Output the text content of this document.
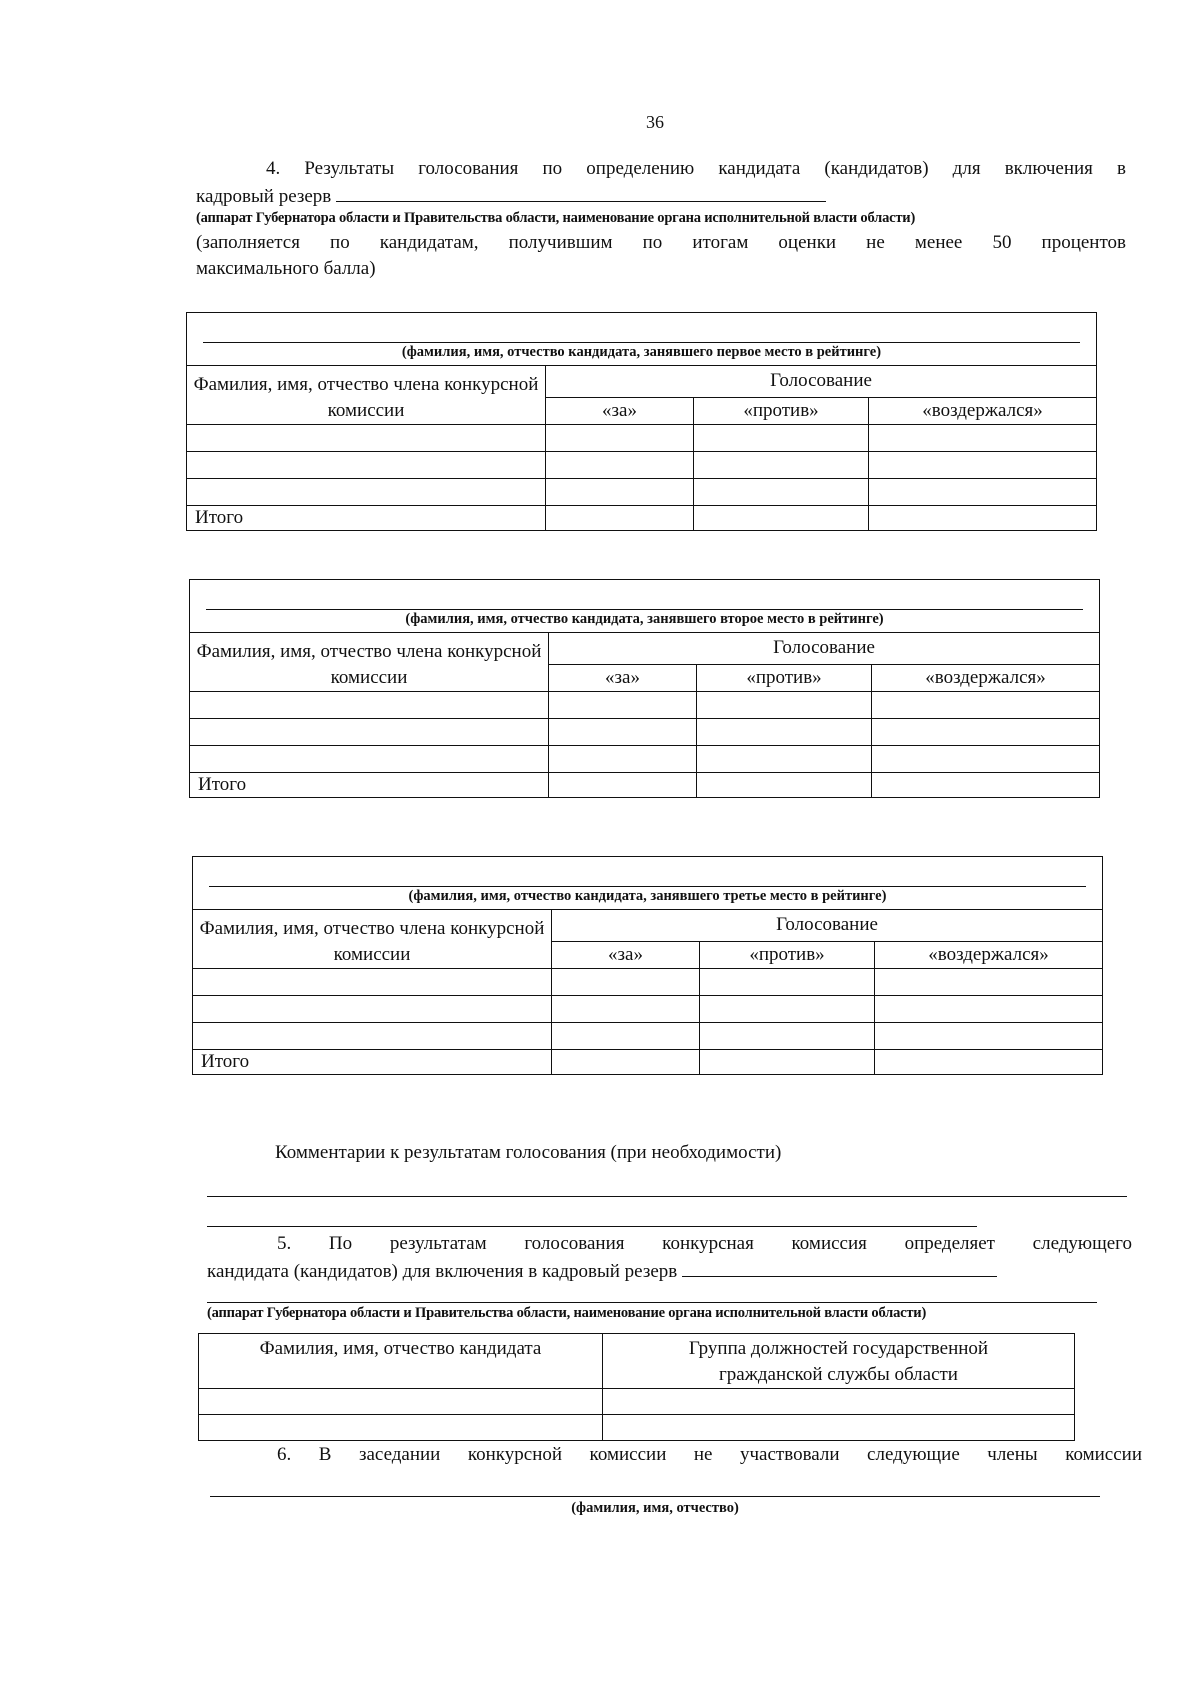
36
4. Результаты голосования по определению кандидата (кандидатов) для включения в
кадровый резерв
(аппарат Губернатора области и Правительства области, наименование органа исполнительной власти области)
(заполняется по кандидатам, получившим по итогам оценки не менее 50 процентов
максимального балла)
(фамилия, имя, отчество кандидата, занявшего первое место в рейтинге)			

Фамилия, имя, отчество члена конкурсной комиссии	Голосование		
	«за»	«против»	«воздержался»

Итого			
(фамилия, имя, отчество кандидата, занявшего второе место в рейтинге)			

Фамилия, имя, отчество члена конкурсной комиссии	Голосование		
	«за»	«против»	«воздержался»

Итого			
(фамилия, имя, отчество кандидата, занявшего третье место в рейтинге)			

Фамилия, имя, отчество члена конкурсной комиссии	Голосование		
	«за»	«против»	«воздержался»

Итого			
Комментарии к результатам голосования (при необходимости)
5. По результатам голосования конкурсная комиссия определяет следующего
кандидата (кандидатов) для включения в кадровый резерв
(аппарат Губернатора области и Правительства области, наименование органа исполнительной власти области)
Фамилия, имя, отчество кандидата	Группа должностей государственной гражданской службы области

6. В заседании конкурсной комиссии не участвовали следующие члены комиссии
(фамилия, имя, отчество)
